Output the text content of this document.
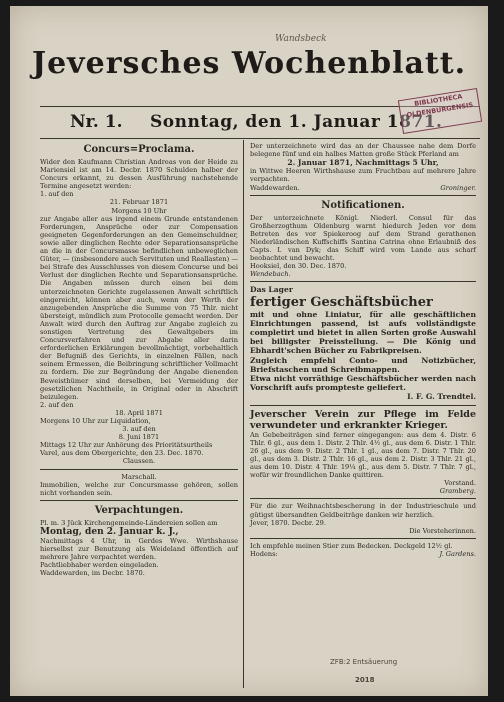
Wandsbeck
Jeversches Wochenblatt.
Nr. 1. Sonntag, den 1. Januar 1871.
BIBLIOTHECA OLDENBURGENSIS
Concurs=Proclama.

Wider den Kaufmann Christian Andreas von der Heide zu Mariensiel ist am 14. Decbr. 1870 Schulden halber der Concurs erkannt, zu dessen Ausführung nachstehende Termine angesetzt werden:

1. auf den

21. Februar 1871

Morgens 10 Uhr

zur Angabe aller aus irgend einem Grunde entstandenen Forderungen, Ansprüche oder zur Compensation geeigneten Gegenforderungen an den Gemeinschuldner, sowie aller dinglichen Rechte oder Separationsansprüche an die in der Concursmasse befindlichen unbeweglichen Güter, — (insbesondere auch Servituten und Reallasten) — bei Strafe des Ausschlusses von diesem Concurse und bei Verlust der dinglichen Rechte und Separationsansprüche. Die Angaben müssen durch einen bei dem unterzeichneten Gerichte zugelassenen Anwalt schriftlich eingereicht, können aber auch, wenn der Werth der anzugebenden Ansprüche die Summe von 75 Thlr. nicht übersteigt, mündlich zum Protocolle gemacht werden. Der Anwalt wird durch den Auftrag zur Angabe zugleich zu sonstigen Vertretung des Gewaltgebers im Concursverfahren und zur Abgabe aller darin erforderlichen Erklärungen bevollmächtigt, vorbehaltlich der Befugniß des Gerichts, in einzelnen Fällen, nach seinem Ermessen, die Beibringung schriftlicher Vollmacht zu fordern. Die zur Begründung der Angabe dienenden Beweisthümer sind derselben, bei Vermeidung der gesetzlichen Nachtheile, in Original oder in Abschrift beizulegen.

2. auf den

18. April 1871

Morgens 10 Uhr zur Liquidation,

3. auf den

8. Juni 1871

Mittags 12 Uhr zur Anhörung des Prioritätsurtheils

Varel, aus dem Obergerichte, den 23. Dec. 1870.

Claussen.

Marschall.

Immobilien, welche zur Concursmasse gehören, sollen nicht vorhanden sein.

Verpachtungen.

Pl. m. 3 Jück Kirchengemeinde-Ländereien sollen am

Montag, den 2. Januar k. J.,

Nachmittags 4 Uhr, in Gerdes Wwe. Wirthshause hierselbst zur Benutzung als Weideland öffentlich auf mehrere Jahre verpachtet werden.

Pachtliebhaber werden eingeladen.

Waddewarden, im Decbr. 1870.

Der unterzeichnete wird das an der Chaussee nahe dem Dorfe belegene fünf und ein halbes Matten große Stück Pferland am

2. Januar 1871, Nachmittags 5 Uhr,

in Wittwe Heeren Wirthshause zum Fruchtbau auf mehrere Jahre verpachten.

Waddewarden.	Groninger.

Notificationen.

Der unterzeichnete Königl. Niederl. Consul für das Großherzogthum Oldenburg warnt hiedurch Jeden vor dem Betreten des vor Spiekeroog auf dem Strand gerathenen Niederländischen Kuffschiffs Santina Catrina ohne Erlaubniß des Capts. I. van Dyk; das Schiff wird vom Lande aus scharf beobachtet und bewacht.

Hooksiel, den 30. Dec. 1870.

Wendebach.

Das Lager

fertiger Geschäftsbücher

mit und ohne Liniatur, für alle geschäftlichen Einrichtungen passend, ist aufs vollständigste completirt und bietet in allen Sorten große Auswahl bei billigster Preisstellung. — Die König und Ebhardt'schen Bücher zu Fabrikpreisen.

Zugleich empfehl Conto- und Notizbücher, Briefstaschen und Schreibmappen.

Etwa nicht vorräthige Geschäftsbücher werden nach Vorschrift aufs prompteste geliefert.

I. F. G. Trendtel.

Jeverscher Verein zur Pflege im Felde verwundeter und erkrankter Krieger.

An Gebebeiträgen sind ferner eingegangen: aus dem 4. Distr. 6 Thlr. 6 gl., aus dem 1. Distr. 2 Thlr. 4½ gl., aus dem 6. Distr. 1 Thlr. 26 gl., aus dem 9. Distr. 2 Thlr. 1 gl., aus dem 7. Distr. 7 Thlr. 20 gl., aus dem 3. Distr. 2 Thlr. 16 gl., aus dem 2. Distr. 3 Thlr. 21 gl., aus dem 10. Distr. 4 Thlr. 19¼ gl., aus dem 5. Distr. 7 Thlr. 7 gl., wofür wir freundlichen Danke quittiren.

Vorstand.

Gramberg.

Für die zur Weihnachtsbescherung in der Industrieschule und gütigst übersandten Geldbeiträge danken wir herzlich.

Jever, 1870. Decbr. 29.

Die Vorsteherinnen.

Ich empfehle meinen Stier zum Bedecken. Deckgeld 12½ gl.

Hodens:	J. Gardens.

ZFB:2 Entsäuerung
2018
